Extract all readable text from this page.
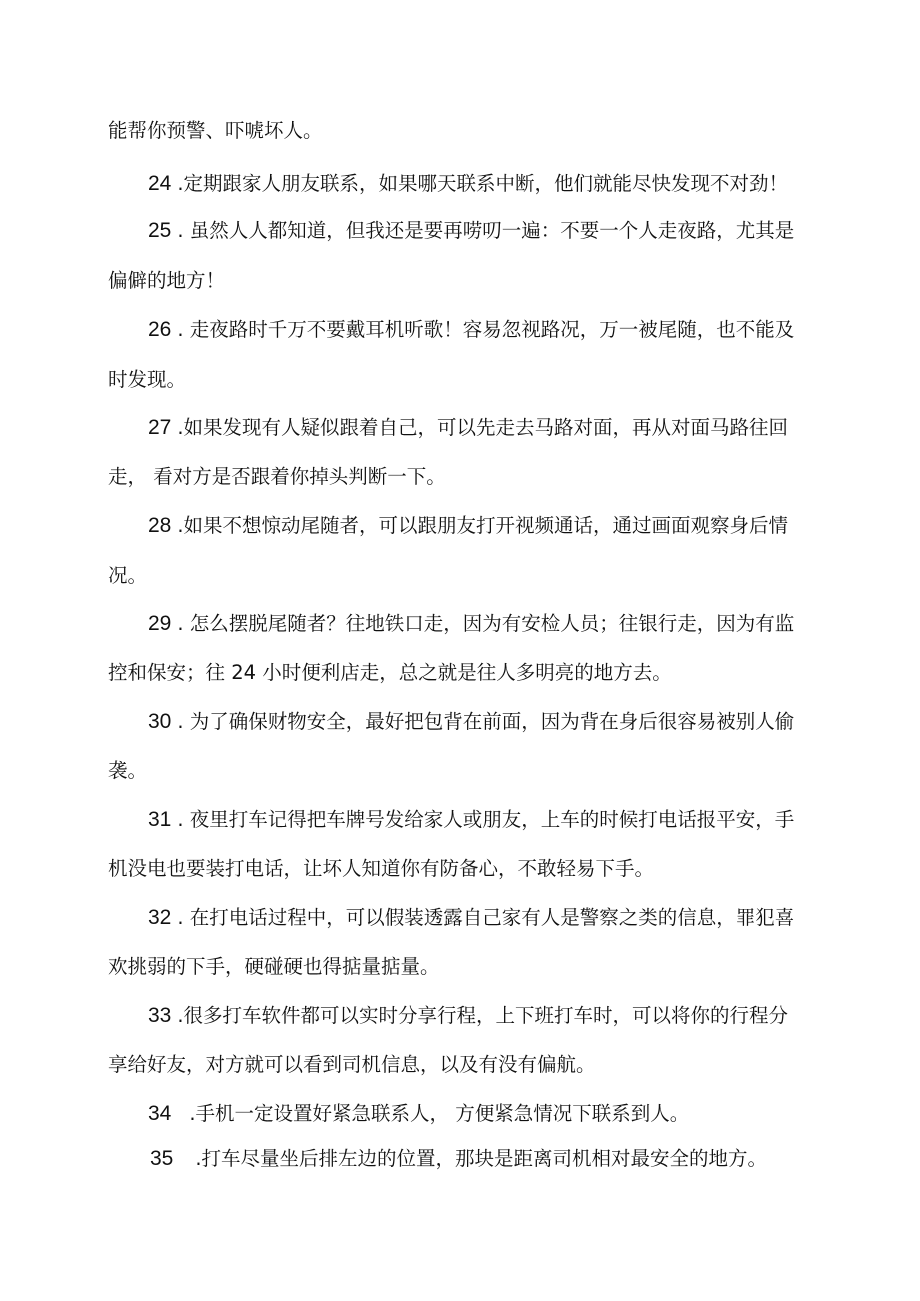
能帮你预警、吓唬坏人。
24 .定期跟家人朋友联系，如果哪天联系中断，他们就能尽快发现不对劲！
25 . 虽然人人都知道，但我还是要再唠叨一遍：不要一个人走夜路，尤其是
偏僻的地方！
26 . 走夜路时千万不要戴耳机听歌！容易忽视路况，万一被尾随，也不能及
时发现。
27 .如果发现有人疑似跟着自己，可以先走去马路对面，再从对面马路往回
走， 看对方是否跟着你掉头判断一下。
28 .如果不想惊动尾随者，可以跟朋友打开视频通话，通过画面观察身后情
况。
29 . 怎么摆脱尾随者？往地铁口走，因为有安检人员；往银行走，因为有监
控和保安；往 24 小时便利店走，总之就是往人多明亮的地方去。
30 . 为了确保财物安全，最好把包背在前面，因为背在身后很容易被别人偷
袭。
31 . 夜里打车记得把车牌号发给家人或朋友，上车的时候打电话报平安，手
机没电也要装打电话，让坏人知道你有防备心，不敢轻易下手。
32 . 在打电话过程中，可以假装透露自己家有人是警察之类的信息，罪犯喜
欢挑弱的下手，硬碰硬也得掂量掂量。
33 .很多打车软件都可以实时分享行程，上下班打车时，可以将你的行程分
享给好友，对方就可以看到司机信息，以及有没有偏航。
34 .手机一定设置好紧急联系人， 方便紧急情况下联系到人。
35 .打车尽量坐后排左边的位置，那块是距离司机相对最安全的地方。
